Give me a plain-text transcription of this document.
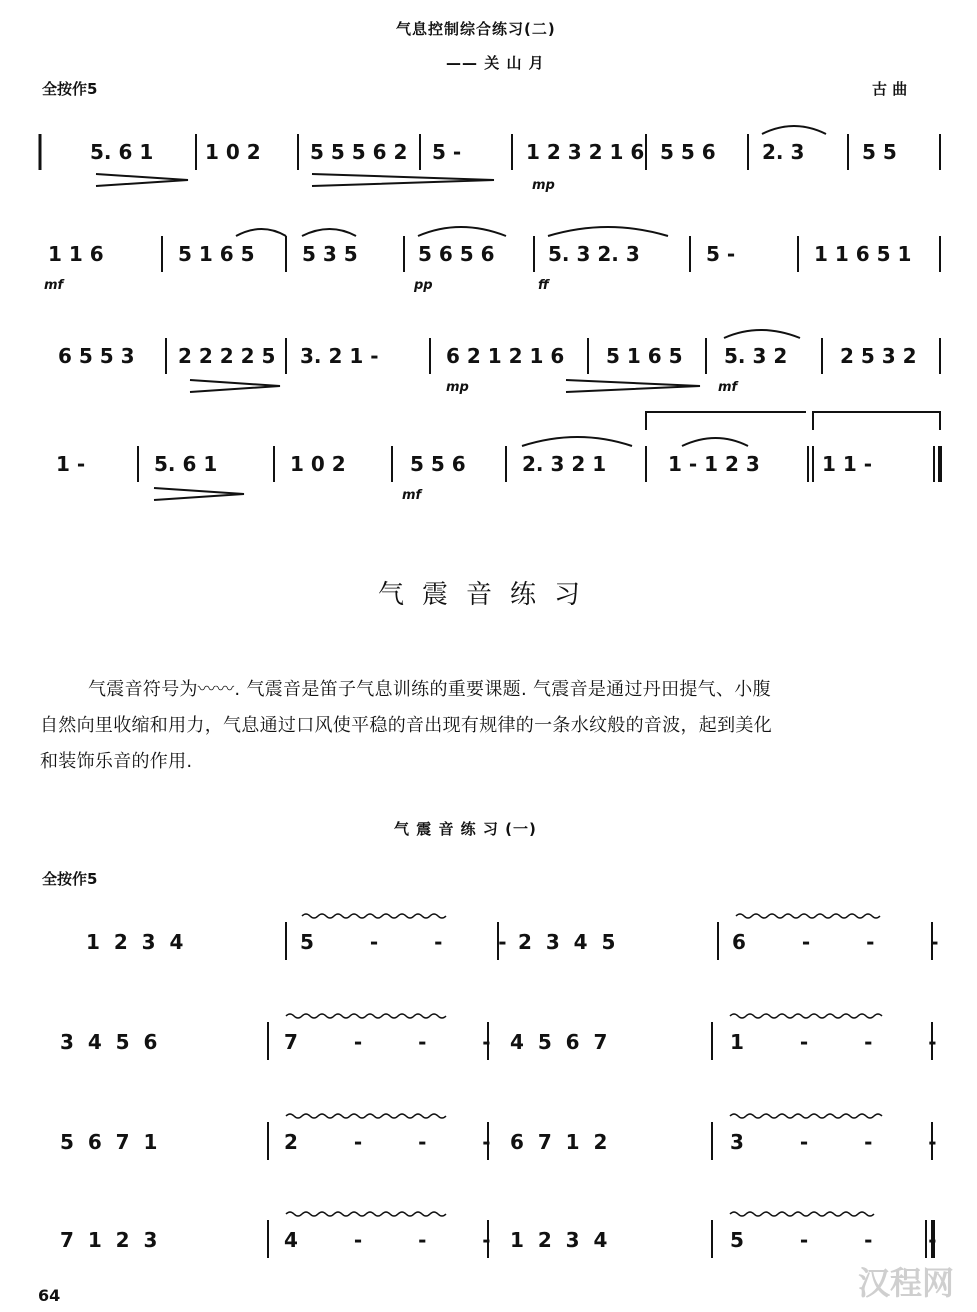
气息控制综合练习(二)
—— 关 山 月
全按作5	古 曲
5. 6 1	1 0 2 5 5 5 6 2 5 -	1 2 3 2 1 6 5 5 6 2. 3	5 5
1 1 6	5 1 6 5 5 3 5	5 6 5 6	5. 3 2. 3	5 -	1 1 6 5 1
6 5 5 3 2 2 2 2 5 3. 2 1 -	6 2 1 2 1 6 5 1 6 5 5. 3 2	2 5 3 2
1 -	5. 6 1	1 0 2	5 5 6	2. 3 2 1	1 - 1 2 3	1 1 -
mp
mf	pp	ff
mp	mf
mf
气震音练习
气震音符号为〰〰. 气震音是笛子气息训练的重要课题. 气震音是通过丹田提气、小腹
自然向里收缩和用力，气息通过口风使平稳的音出现有规律的一条水纹般的音波，起到美化
和装饰乐音的作用.
气 震 音 练 习 (一)
全按作5
1  2  3  4	5  -  -  -
2  3  4  5	6  -  -  -
3  4  5  6	7  -  -  - 4  5  6  7	1  -  -  -
5  6  7  1	2  -  -  - 6  7  1  2	3  -  -  -
7  1  2  3	4  -  -  - 1  2  3  4	5  -  -  -
64	汉程网
